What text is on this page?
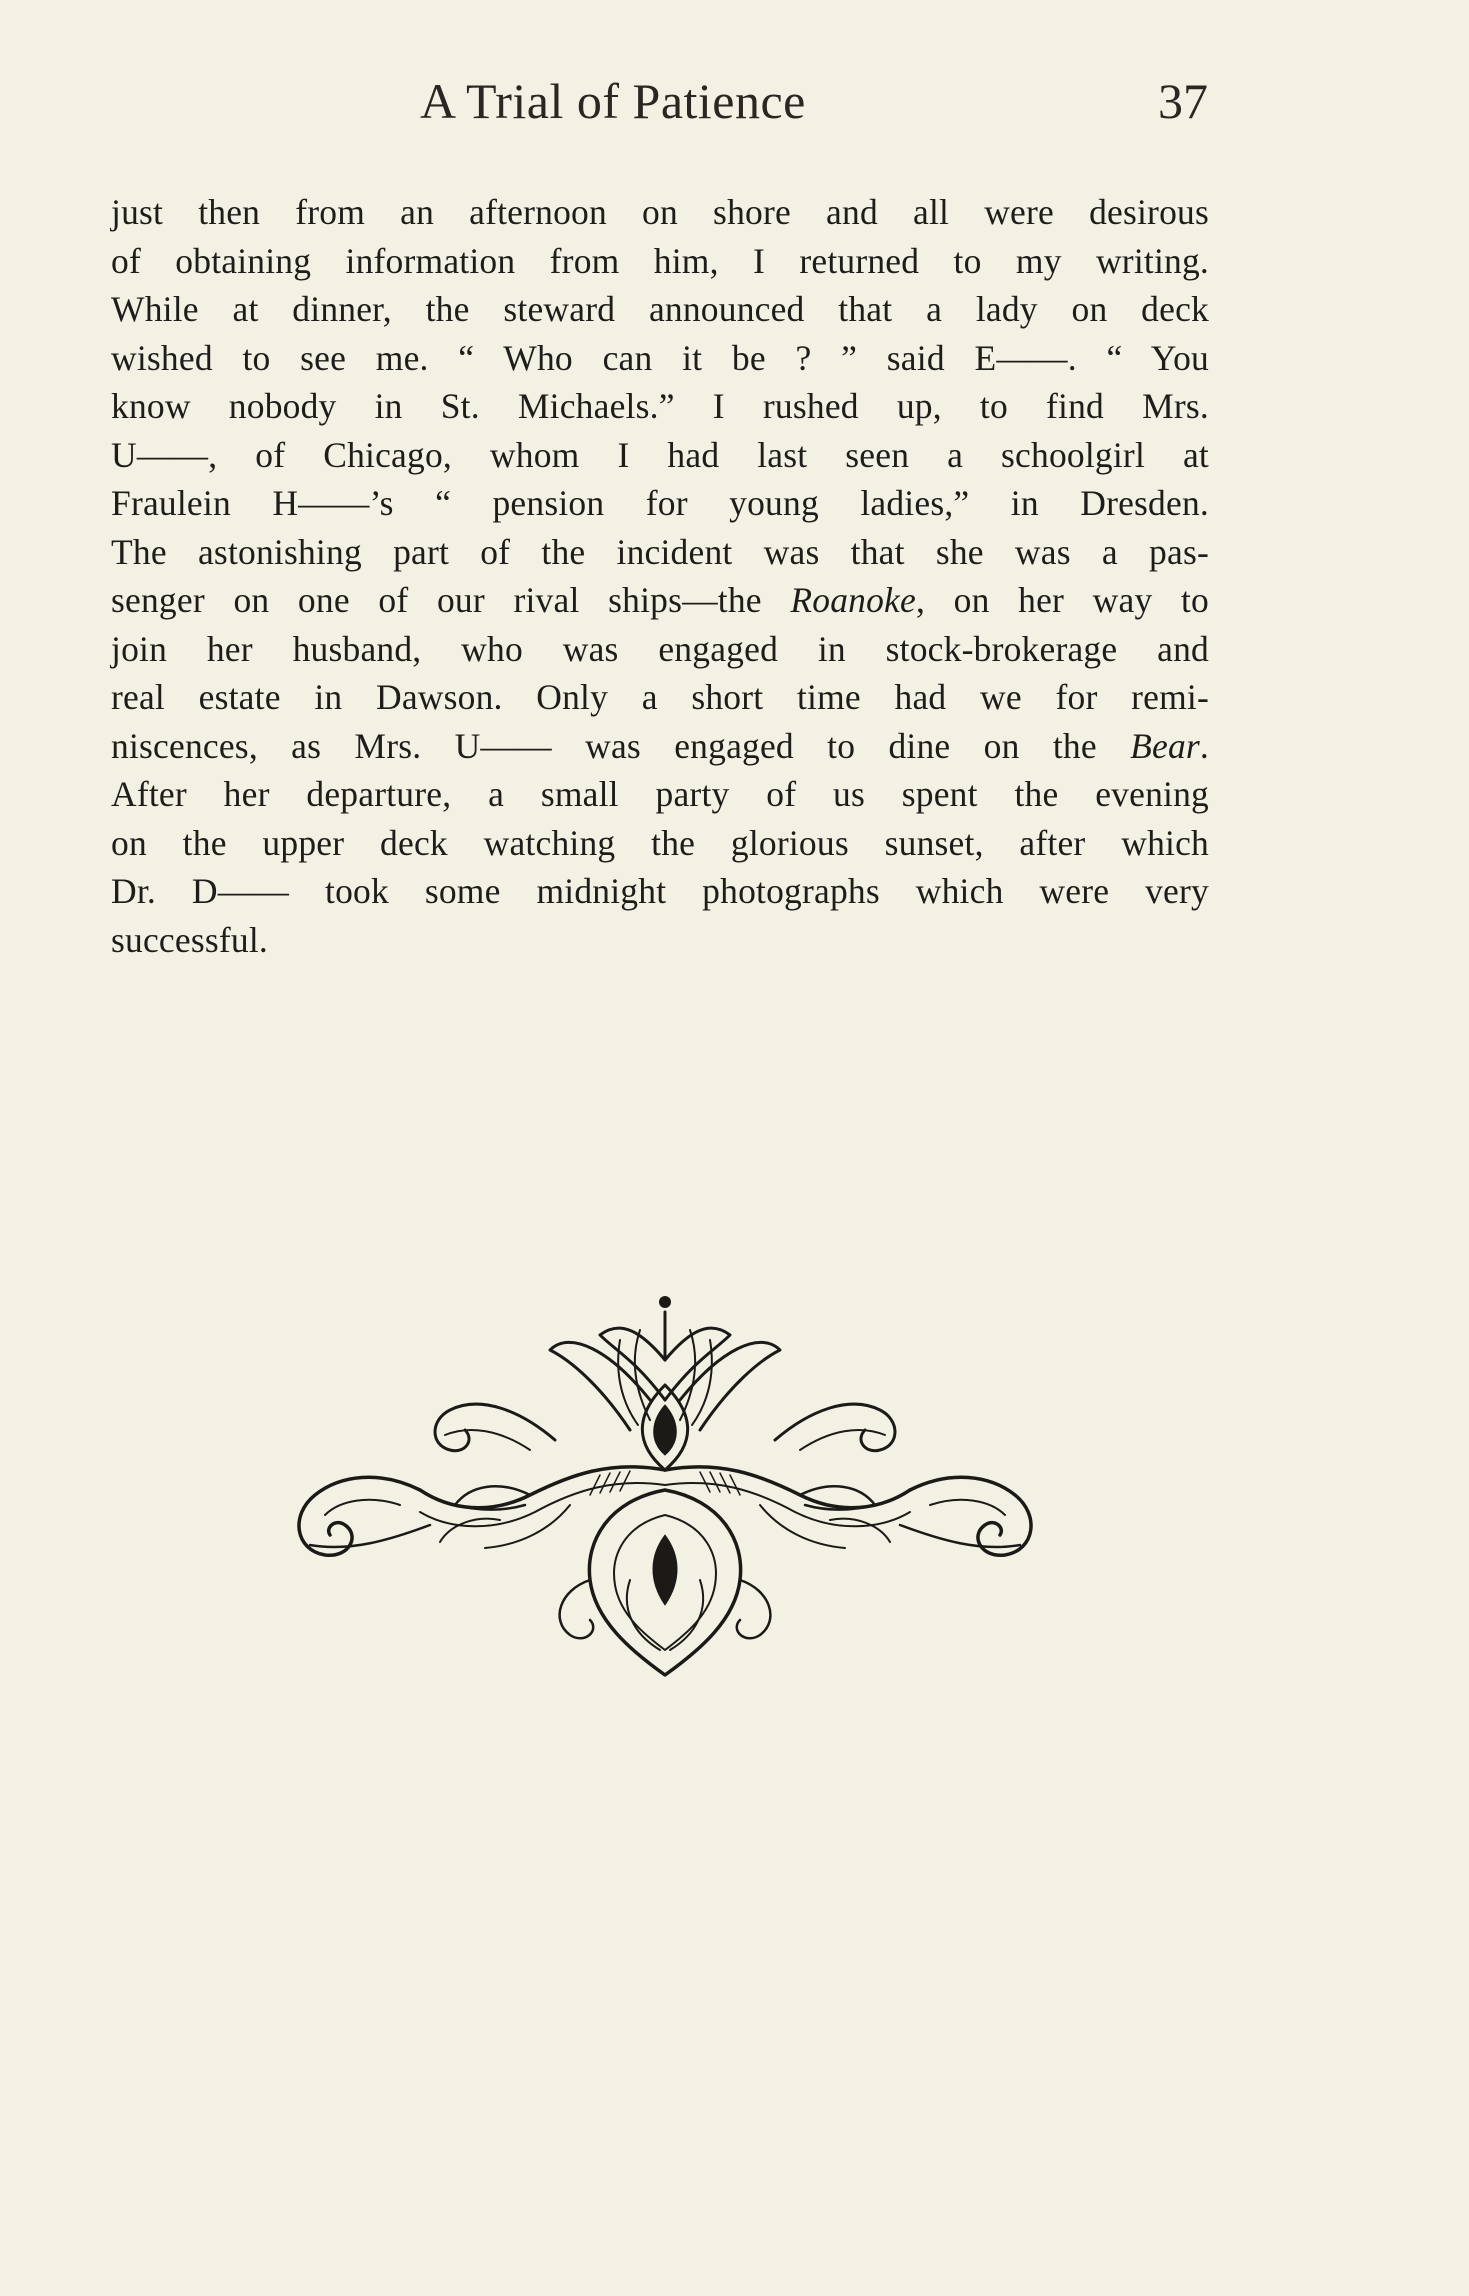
A Trial of Patience	37
just then from an afternoon on shore and all were desirous
of obtaining information from him, I returned to my writing.
While at dinner, the steward announced that a lady on deck
wished to see me. “ Who can it be ? ” said E——. “ You
know nobody in St. Michaels.” I rushed up, to find Mrs.
U——, of Chicago, whom I had last seen a schoolgirl at
Fraulein H——’s “ pension for young ladies,” in Dresden.
The astonishing part of the incident was that she was a pas-
senger on one of our rival ships—the Roanoke, on her way to
join her husband, who was engaged in stock-brokerage and
real estate in Dawson. Only a short time had we for remi-
niscences, as Mrs. U—— was engaged to dine on the Bear.
After her departure, a small party of us spent the evening
on the upper deck watching the glorious sunset, after which
Dr. D—— took some midnight photographs which were very
successful.
